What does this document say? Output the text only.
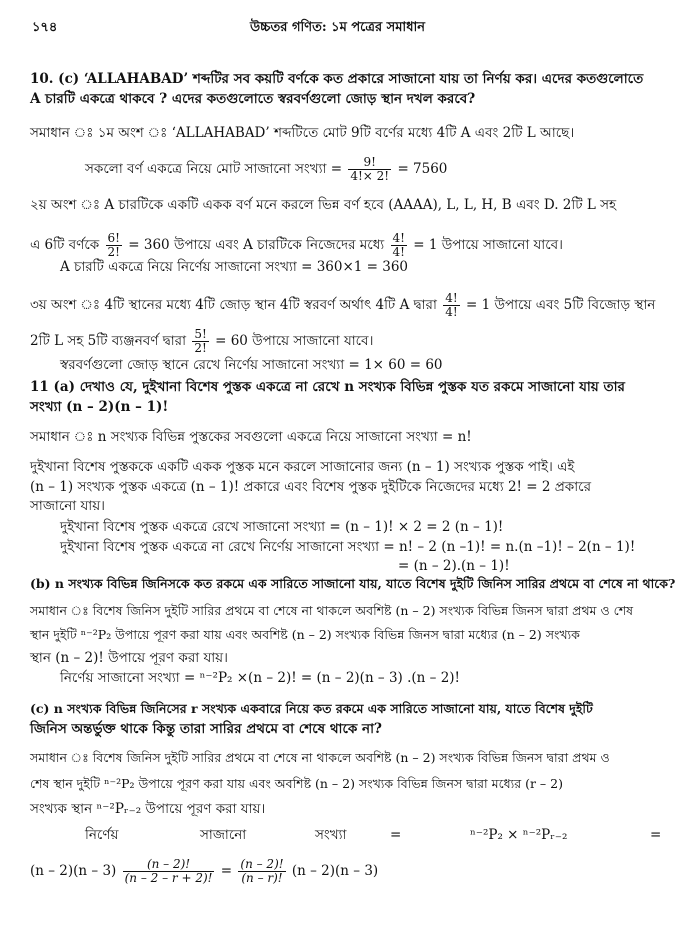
১৭৪	উচ্চতর গণিত: ১ম পত্রের সমাধান
10. (c) ‘ALLAHABAD’ শব্দটির সব কয়টি বর্ণকে কত প্রকারে সাজানো যায় তা নির্ণয় কর। এদের কতগুলোতে
A চারটি একত্রে থাকবে ? এদের কতগুলোতে স্বরবর্ণগুলো জোড় স্থান দখল করবে?
সমাধান ঃ ১ম অংশ ঃ ‘ALLAHABAD’ শব্দটিতে মোট 9টি বর্ণের মধ্যে 4টি A এবং 2টি L আছে।
সকলো বর্ণ একত্রে নিয়ে মোট সাজানো সংখ্যা = $\frac{9!}{4!\times 2!} = 7560$
২য় অংশ ঃ A চারটিকে একটি একক বর্ণ মনে করলে ভিন্ন বর্ণ হবে (AAAA), L, L, H, B এবং D. 2টি L সহ
এ 6টি বর্ণকে $\frac{6!}{2!} = 360$ উপায়ে এবং A চারটিকে নিজেদের মধ্যে $\frac{4!}{4!} = 1$ উপায়ে সাজানো যাবে।
A চারটি একত্রে নিয়ে নির্ণেয় সাজানো সংখ্যা = 360×1 = 360
৩য় অংশ ঃ 4টি স্থানের মধ্যে 4টি জোড় স্থান 4টি স্বরবর্ণ অর্থাৎ 4টি A দ্বারা $\frac{4!}{4!} = 1$ উপায়ে এবং 5টি বিজোড় স্থান
2টি L সহ 5টি ব্যঞ্জনবর্ণ দ্বারা $\frac{5!}{2!} = 60$ উপায়ে সাজানো যাবে।
স্বরবর্ণগুলো জোড় স্থানে রেখে নির্ণেয় সাজানো সংখ্যা = 1× 60 = 60
11 (a) দেখাও যে, দুইখানা বিশেষ পুস্তক একত্রে না রেখে n সংখ্যক বিভিন্ন পুস্তক যত রকমে সাজানো যায় তার
সংখ্যা (n – 2)(n – 1)!
সমাধান ঃ n সংখ্যক বিভিন্ন পুস্তকের সবগুলো একত্রে নিয়ে সাজানো সংখ্যা = n!
দুইখানা বিশেষ পুস্তককে একটি একক পুস্তক মনে করলে সাজানোর জন্য (n – 1) সংখ্যক পুস্তক পাই। এই
(n – 1) সংখ্যক পুস্তক একত্রে (n – 1)! প্রকারে এবং বিশেষ পুস্তক দুইটিকে নিজেদের মধ্যে 2! = 2 প্রকারে
সাজানো যায়।
দুইখানা বিশেষ পুস্তক একত্রে রেখে সাজানো সংখ্যা = (n – 1)! × 2 = 2 (n – 1)!
দুইখানা বিশেষ পুস্তক একত্রে না রেখে নির্ণেয় সাজানো সংখ্যা = n! – 2 (n –1)! = n.(n –1)! – 2(n – 1)!
= (n – 2).(n – 1)!
(b) n সংখ্যক বিভিন্ন জিনিসকে কত রকমে এক সারিতে সাজানো যায়, যাতে বিশেষ দুইটি জিনিস সারির প্রথমে বা শেষে না থাকে?
সমাধান ঃ বিশেষ জিনিস দুইটি সারির প্রথমে বা শেষে না থাকলে অবশিষ্ট (n – 2) সংখ্যক বিভিন্ন জিনস দ্বারা প্রথম ও শেষ
স্থান দুইটি ⁿ⁻²P₂ উপায়ে পূরণ করা যায় এবং অবশিষ্ট (n – 2) সংখ্যক বিভিন্ন জিনস দ্বারা মধ্যের (n – 2) সংখ্যক
স্থান (n – 2)! উপায়ে পূরণ করা যায়।
নির্ণেয় সাজানো সংখ্যা = ⁿ⁻²P₂ ×(n – 2)! = (n – 2)(n – 3) .(n – 2)!
(c) n সংখ্যক বিভিন্ন জিনিসের r সংখ্যক একবারে নিয়ে কত রকমে এক সারিতে সাজানো যায়, যাতে বিশেষ দুইটি
জিনিস অন্তর্ভুক্ত থাকে কিন্তু তারা সারির প্রথমে বা শেষে থাকে না?
সমাধান ঃ বিশেষ জিনিস দুইটি সারির প্রথমে বা শেষে না থাকলে অবশিষ্ট (n – 2) সংখ্যক বিভিন্ন জিনস দ্বারা প্রথম ও
শেষ স্থান দুইটি ⁿ⁻²P₂ উপায়ে পূরণ করা যায় এবং অবশিষ্ট (n – 2) সংখ্যক বিভিন্ন জিনস দ্বারা মধ্যের (r – 2)
সংখ্যক স্থান ⁿ⁻²Pᵣ₋₂ উপায়ে পূরণ করা যায়।
নির্ণেয়	সাজানো	সংখ্যা	=	ⁿ⁻²P₂ × ⁿ⁻²Pᵣ₋₂	=
$(n - 2)(n - 3) \frac{(n - 2)!}{(n - 2 - r + 2)!} = \frac{(n - 2)!}{(n - r)!} (n - 2)(n - 3)$
